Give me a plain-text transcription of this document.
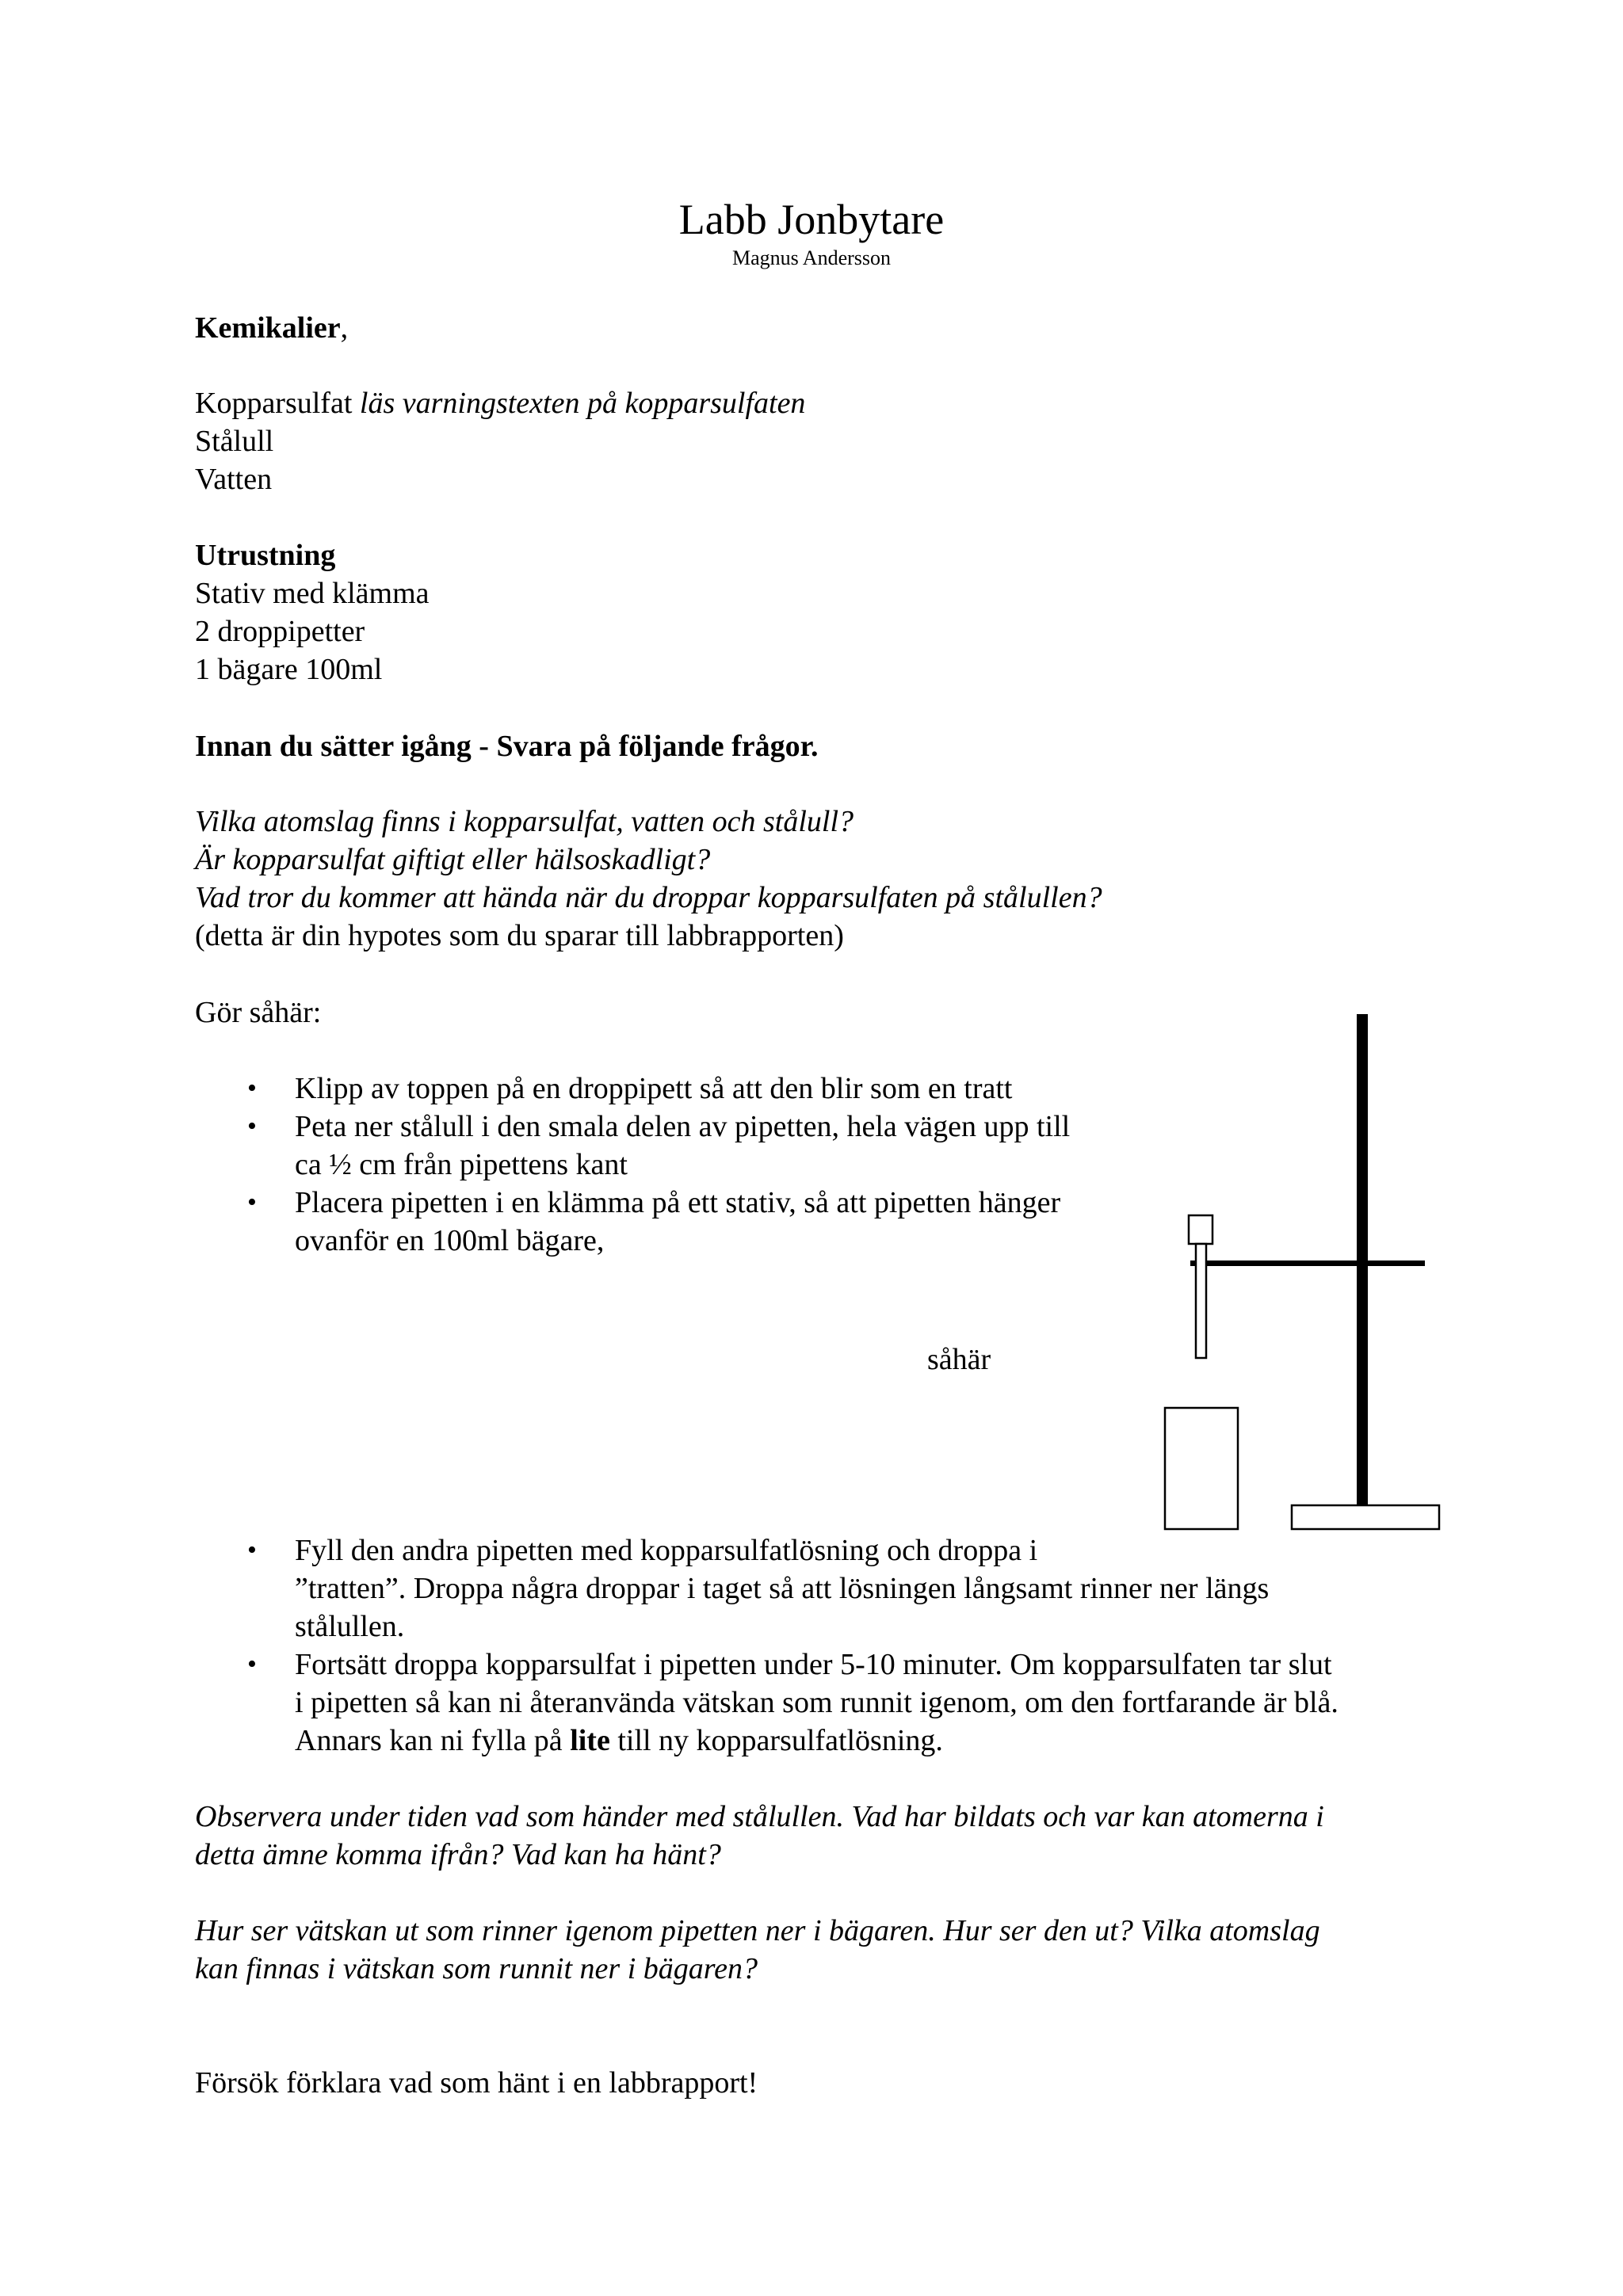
Labb Jonbytare
Magnus Andersson
Kemikalier,
Kopparsulfat läs varningstexten på kopparsulfaten
Stålull
Vatten
Utrustning
Stativ med klämma
2 droppipetter
1 bägare 100ml
Innan du sätter igång - Svara på följande frågor.
Vilka atomslag finns i kopparsulfat, vatten och stålull?
Är kopparsulfat giftigt eller hälsoskadligt?
Vad tror du kommer att hända när du droppar kopparsulfaten på stålullen?
(detta är din hypotes som du sparar till labbrapporten)
Gör såhär:
• Klipp av toppen på en droppipett så att den blir som en tratt
• Peta ner stålull i den smala delen av pipetten, hela vägen upp till
ca ½ cm från pipettens kant
• Placera pipetten i en klämma på ett stativ, så att pipetten hänger
ovanför en 100ml bägare,
såhär
• Fyll den andra pipetten med kopparsulfatlösning och droppa i
”tratten”. Droppa några droppar i taget så att lösningen långsamt rinner ner längs
stålullen.
• Fortsätt droppa kopparsulfat i pipetten under 5-10 minuter. Om kopparsulfaten tar slut
i pipetten så kan ni återanvända vätskan som runnit igenom, om den fortfarande är blå.
Annars kan ni fylla på lite till ny kopparsulfatlösning.
Observera under tiden vad som händer med stålullen. Vad har bildats och var kan atomerna i
detta ämne komma ifrån? Vad kan ha hänt?
Hur ser vätskan ut som rinner igenom pipetten ner i bägaren. Hur ser den ut? Vilka atomslag
kan finnas i vätskan som runnit ner i bägaren?
Försök förklara vad som hänt i en labbrapport!
